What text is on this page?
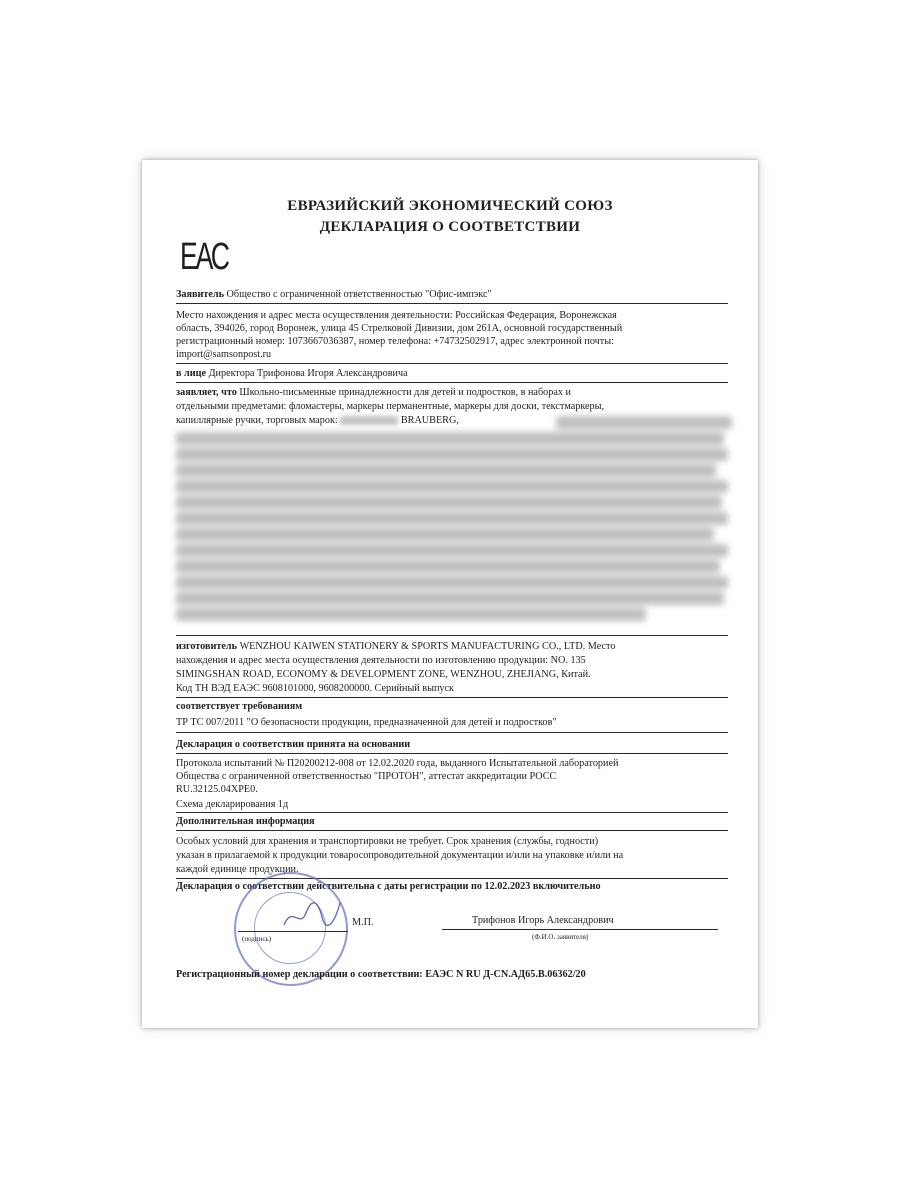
ЕВРАЗИЙСКИЙ ЭКОНОМИЧЕСКИЙ СОЮЗ
ДЕКЛАРАЦИЯ О СООТВЕТСТВИИ
ЕАС
Заявитель Общество с ограниченной ответственностью "Офис-импэкс"
Место нахождения и адрес места осуществления деятельности: Российская Федерация, Воронежская
область, 394026, город Воронеж, улица 45 Стрелковой Дивизии, дом 261А, основной государственный
регистрационный номер: 1073667036387, номер телефона: +74732502917, адрес электронной почты:
import@samsonpost.ru
в лице Директора Трифонова Игоря Александровича
заявляет, что Школьно-письменные принадлежности для детей и подростков, в наборах и
отдельными предметами: фломастеры, маркеры перманентные, маркеры для доски, текстмаркеры,
капиллярные ручки, торговых марок:	BRAUBERG,
изготовитель WENZHOU KAIWEN STATIONERY & SPORTS MANUFACTURING CO., LTD. Место
нахождения и адрес места осуществления деятельности по изготовлению продукции: NO. 135
SIMINGSHAN ROAD, ECONOMY & DEVELOPMENT ZONE, WENZHOU, ZHEJIANG, Китай.
Код ТН ВЭД ЕАЭС 9608101000, 9608200000. Серийный выпуск
соответствует требованиям
ТР ТС 007/2011 "О безопасности продукции, предназначенной для детей и подростков"
Декларация о соответствии принята на основании
Протокола испытаний № П20200212-008 от 12.02.2020 года, выданного Испытательной лабораторией
Общества с ограниченной ответственностью "ПРОТОН", аттестат аккредитации РОСС
RU.32125.04ХРЕ0.
Схема декларирования 1д
Дополнительная информация
Особых условий для хранения и транспортировки не требует. Срок хранения (службы, годности)
указан в прилагаемой к продукции товаросопроводительной документации и/или на упаковке и/или на
каждой единице продукции.
Декларация о соответствии действительна с даты регистрации по 12.02.2023 включительно
(подпись)
М.П.	Трифонов Игорь Александрович
(Ф.И.О. заявителя)
Регистрационный номер декларации о соответствии: ЕАЭС N RU Д-CN.АД65.В.06362/20
